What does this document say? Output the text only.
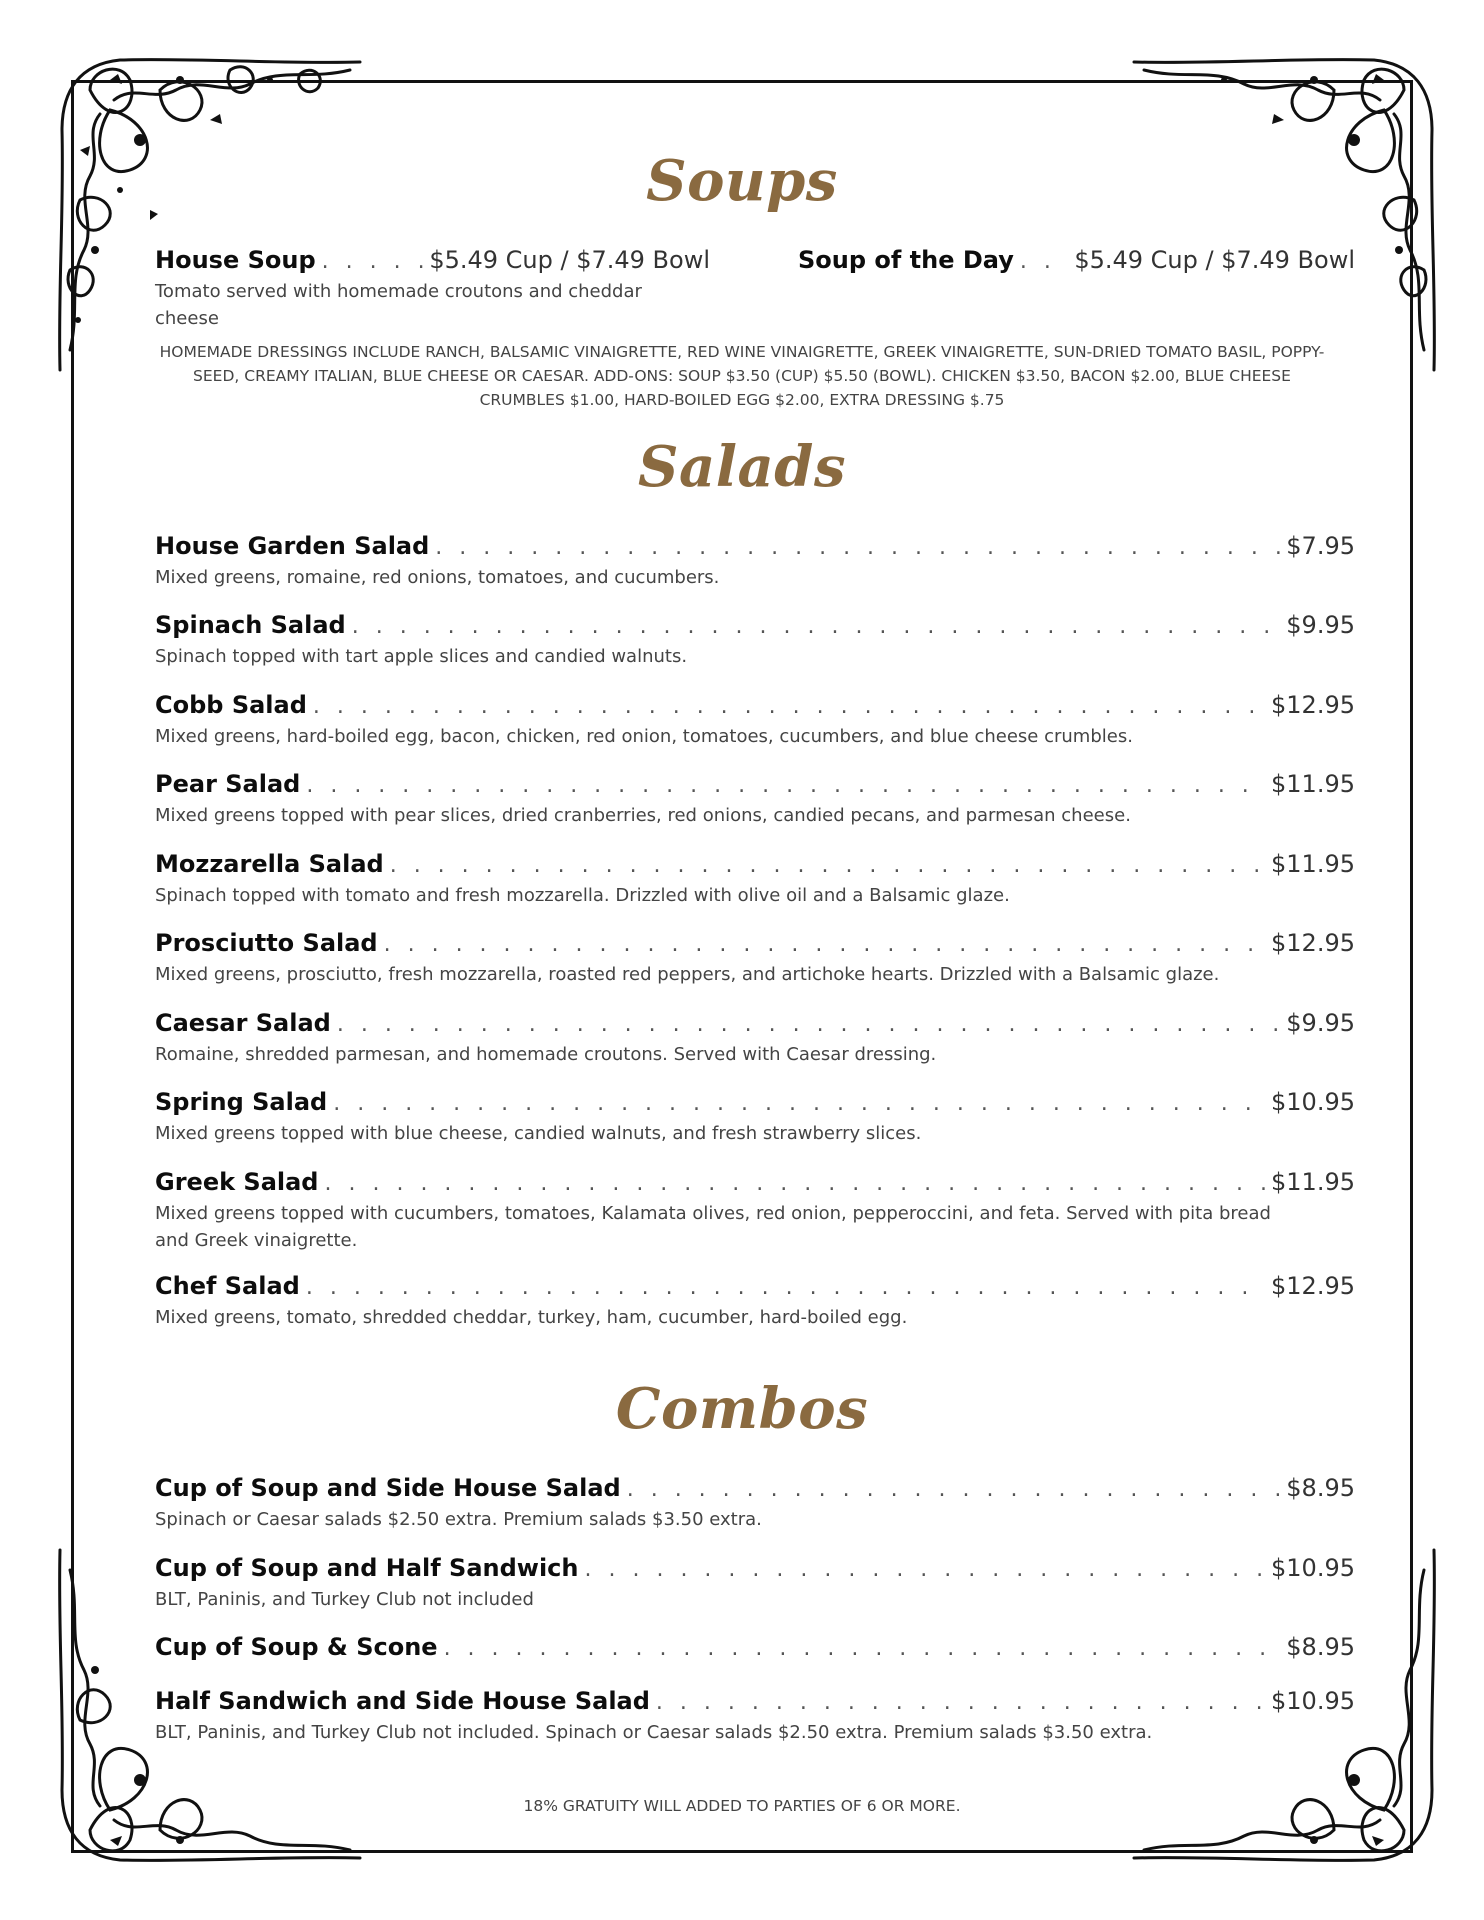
Soups
House Soup . . .	$5.49 Cup / $7.49 Bowl
Tomato served with homemade croutons and cheddar cheese
Soup of the Day . . .	$5.49 Cup / $7.49 Bowl

HOMEMADE DRESSINGS INCLUDE RANCH, BALSAMIC VINAIGRETTE, RED WINE VINAIGRETTE, GREEK VINAIGRETTE, SUN-DRIED TOMATO BASIL, POPPY-SEED, CREAMY ITALIAN, BLUE CHEESE OR CAESAR. ADD-ONS: SOUP $3.50 (CUP) $5.50 (BOWL). CHICKEN $3.50, BACON $2.00, BLUE CHEESE CRUMBLES $1.00, HARD-BOILED EGG $2.00, EXTRA DRESSING $.75

Salads
House Garden Salad . . .	$7.95
Mixed greens, romaine, red onions, tomatoes, and cucumbers.
Spinach Salad . . .	$9.95
Spinach topped with tart apple slices and candied walnuts.
Cobb Salad . . .	$12.95
Mixed greens, hard-boiled egg, bacon, chicken, red onion, tomatoes, cucumbers, and blue cheese crumbles.
Pear Salad . . .	$11.95
Mixed greens topped with pear slices, dried cranberries, red onions, candied pecans, and parmesan cheese.
Mozzarella Salad . . .	$11.95
Spinach topped with tomato and fresh mozzarella. Drizzled with olive oil and a Balsamic glaze.
Prosciutto Salad . . .	$12.95
Mixed greens, prosciutto, fresh mozzarella, roasted red peppers, and artichoke hearts. Drizzled with a Balsamic glaze.
Caesar Salad . . .	$9.95
Romaine, shredded parmesan, and homemade croutons. Served with Caesar dressing.
Spring Salad . . .	$10.95
Mixed greens topped with blue cheese, candied walnuts, and fresh strawberry slices.
Greek Salad . . .	$11.95
Mixed greens topped with cucumbers, tomatoes, Kalamata olives, red onion, pepperoccini, and feta. Served with pita bread and Greek vinaigrette.
Chef Salad . . .	$12.95
Mixed greens, tomato, shredded cheddar, turkey, ham, cucumber, hard-boiled egg.
Combos
Cup of Soup and Side House Salad . . .	$8.95
Spinach or Caesar salads $2.50 extra. Premium salads $3.50 extra.
Cup of Soup and Half Sandwich . . .	$10.95
BLT, Paninis, and Turkey Club not included
Cup of Soup & Scone . . .	$8.95
Half Sandwich and Side House Salad . . .	$10.95
BLT, Paninis, and Turkey Club not included. Spinach or Caesar salads $2.50 extra. Premium salads $3.50 extra.

18% GRATUITY WILL ADDED TO PARTIES OF 6 OR MORE.
